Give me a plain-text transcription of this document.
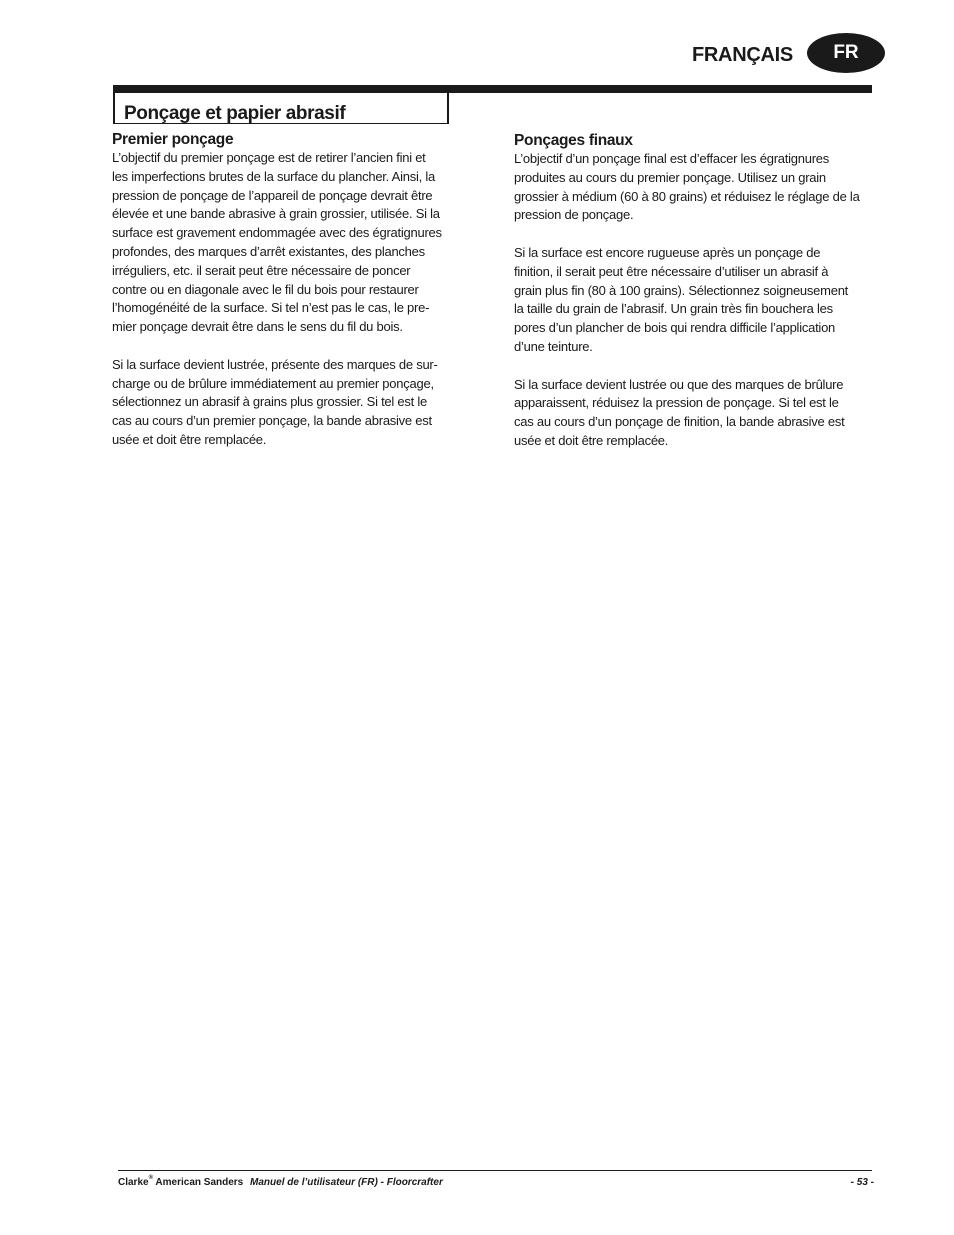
FRANÇAIS	FR
Ponçage et papier abrasif
Premier ponçage

L’objectif du premier ponçage est de retirer l’ancien fini et
les imperfections brutes de la surface du plancher. Ainsi, la
pression de ponçage de l’appareil de ponçage devrait être
élevée et une bande abrasive à grain grossier, utilisée. Si la
surface est gravement endommagée avec des égratignures
profondes, des marques d’arrêt existantes, des planches
irréguliers, etc. il serait peut être nécessaire de poncer
contre ou en diagonale avec le fil du bois pour restaurer
l’homogénéité de la surface. Si tel n’est pas le cas, le pre-
mier ponçage devrait être dans le sens du fil du bois.

Si la surface devient lustrée, présente des marques de sur-
charge ou de brûlure immédiatement au premier ponçage,
sélectionnez un abrasif à grains plus grossier. Si tel est le
cas au cours d’un premier ponçage, la bande abrasive est
usée et doit être remplacée.

Ponçages finaux

L’objectif d’un ponçage final est d’effacer les égratignures
produites au cours du premier ponçage. Utilisez un grain
grossier à médium (60 à 80 grains) et réduisez le réglage de la
pression de ponçage.

Si la surface est encore rugueuse après un ponçage de
finition, il serait peut être nécessaire d’utiliser un abrasif à
grain plus fin (80 à 100 grains). Sélectionnez soigneusement
la taille du grain de l’abrasif. Un grain très fin bouchera les
pores d’un plancher de bois qui rendra difficile l’application
d’une teinture.

Si la surface devient lustrée ou que des marques de brûlure
apparaissent, réduisez la pression de ponçage. Si tel est le
cas au cours d’un ponçage de finition, la bande abrasive est
usée et doit être remplacée.

Clarke® American Sanders Manuel de l’utilisateur (FR) - Floorcrafter	- 53 -
